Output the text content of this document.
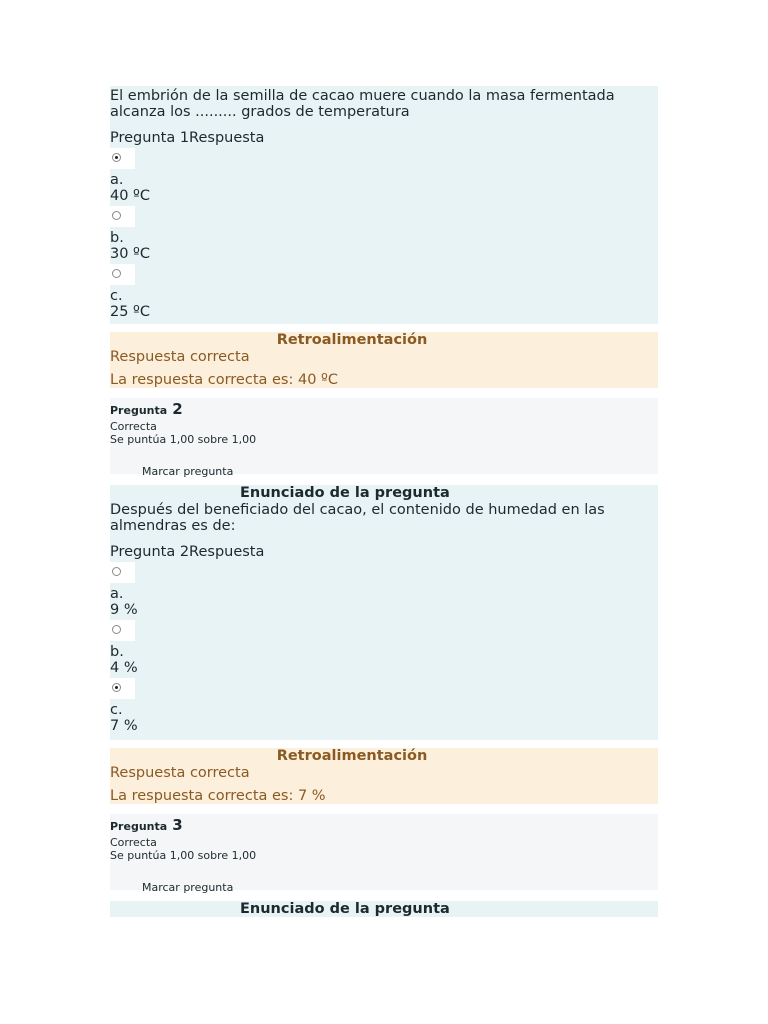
El embrión de la semilla de cacao muere cuando la masa fermentada alcanza los ......... grados de temperatura
Pregunta 1Respuesta
a.
40 ºC
b.
30 ºC
c.
25 ºC
Retroalimentación
Respuesta correcta
La respuesta correcta es: 40 ºC
Pregunta 2
Correcta
Se puntúa 1,00 sobre 1,00
Marcar pregunta
Enunciado de la pregunta
Después del beneficiado del cacao, el contenido de humedad en las almendras es de:
Pregunta 2Respuesta
a.
9 %
b.
4 %
c.
7 %
Retroalimentación
Respuesta correcta
La respuesta correcta es: 7 %
Pregunta 3
Correcta
Se puntúa 1,00 sobre 1,00
Marcar pregunta
Enunciado de la pregunta
